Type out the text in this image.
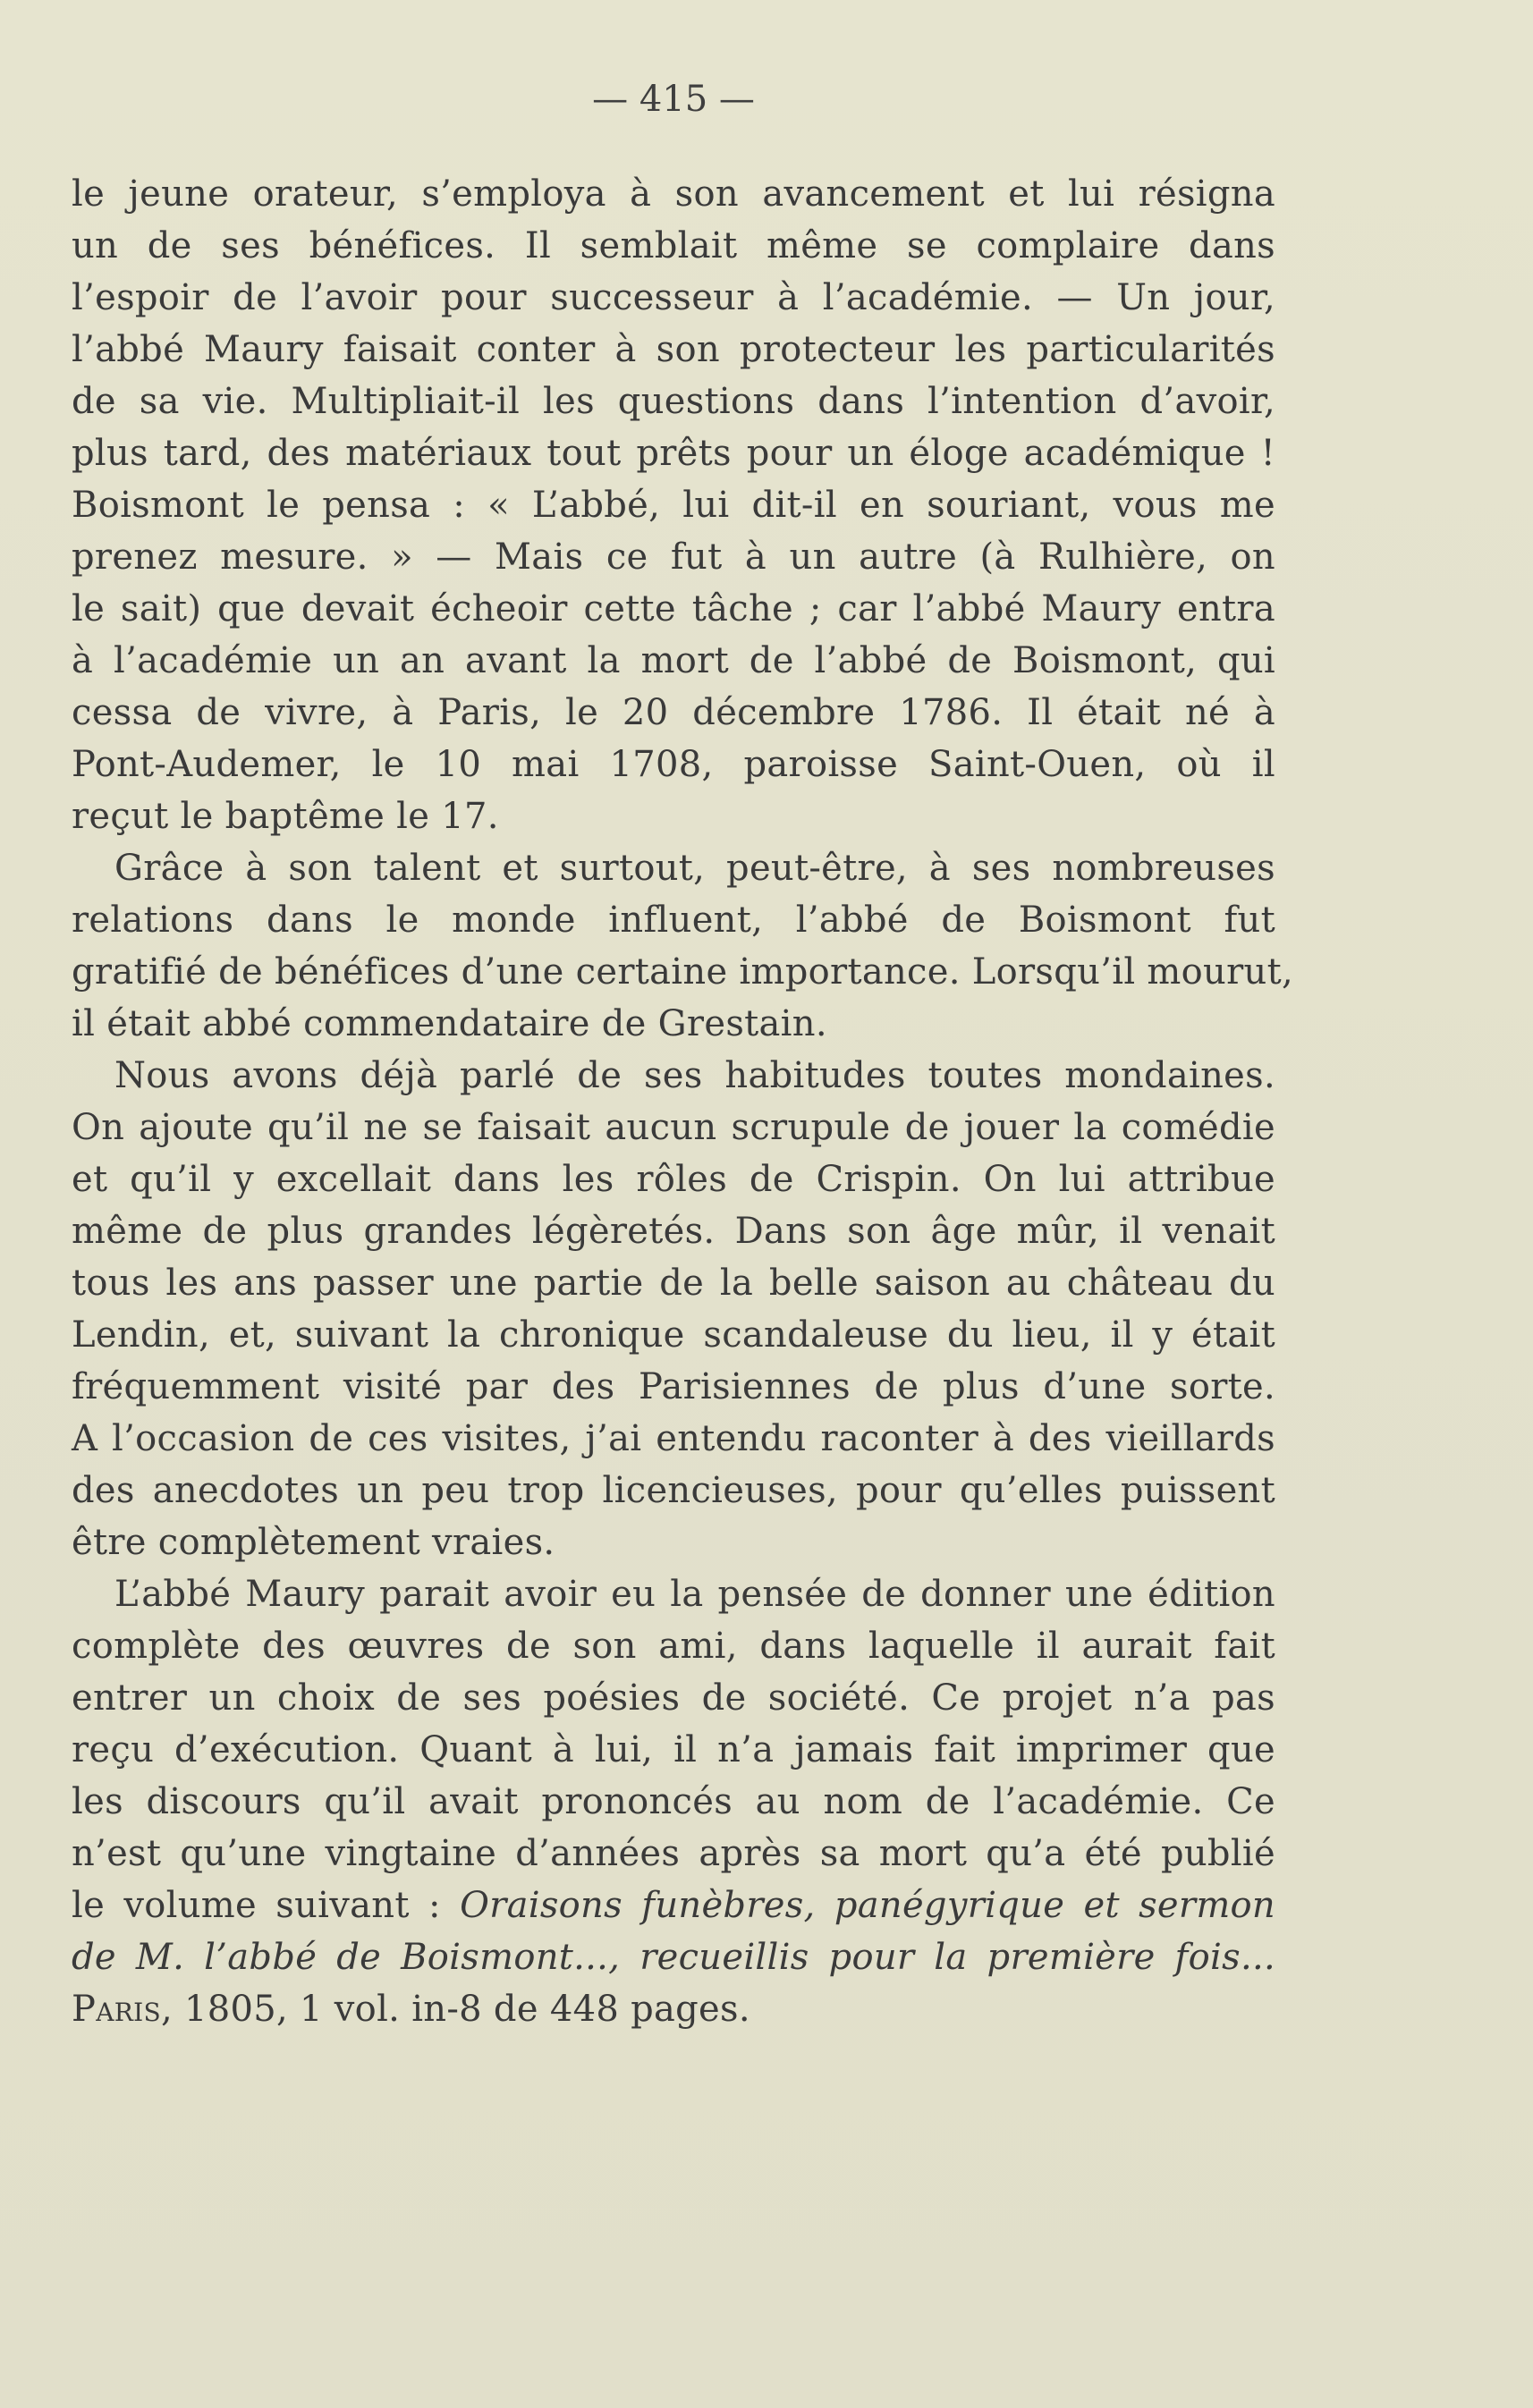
— 415 —

le jeune orateur, s’employa à son avancement et lui résigna
un de ses bénéfices. Il semblait même se complaire dans
l’espoir de l’avoir pour successeur à l’académie. — Un jour,
l’abbé Maury faisait conter à son protecteur les particularités
de sa vie. Multipliait-il les questions dans l’intention d’avoir,
plus tard, des matériaux tout prêts pour un éloge académique !
Boismont le pensa : « L’abbé, lui dit-il en souriant, vous me
prenez mesure. » — Mais ce fut à un autre (à Rulhière, on
le sait) que devait écheoir cette tâche ; car l’abbé Maury entra
à l’académie un an avant la mort de l’abbé de Boismont, qui
cessa de vivre, à Paris, le 20 décembre 1786. Il était né à
Pont-Audemer, le 10 mai 1708, paroisse Saint-Ouen, où il
reçut le baptême le 17.

Grâce à son talent et surtout, peut-être, à ses nombreuses
relations dans le monde influent, l’abbé de Boismont fut
gratifié de bénéfices d’une certaine importance. Lorsqu’il mourut,
il était abbé commendataire de Grestain.

Nous avons déjà parlé de ses habitudes toutes mondaines.
On ajoute qu’il ne se faisait aucun scrupule de jouer la comédie
et qu’il y excellait dans les rôles de Crispin. On lui attribue
même de plus grandes légèretés. Dans son âge mûr, il venait
tous les ans passer une partie de la belle saison au château du
Lendin, et, suivant la chronique scandaleuse du lieu, il y était
fréquemment visité par des Parisiennes de plus d’une sorte.
A l’occasion de ces visites, j’ai entendu raconter à des vieillards
des anecdotes un peu trop licencieuses, pour qu’elles puissent
être complètement vraies.

L’abbé Maury parait avoir eu la pensée de donner une édition
complète des œuvres de son ami, dans laquelle il aurait fait
entrer un choix de ses poésies de société. Ce projet n’a pas
reçu d’exécution. Quant à lui, il n’a jamais fait imprimer que
les discours qu’il avait prononcés au nom de l’académie. Ce
n’est qu’une vingtaine d’années après sa mort qu’a été publié
le volume suivant : Oraisons funèbres, panégyrique et sermon
de M. l’abbé de Boismont..., recueillis pour la première fois...
Paris, 1805, 1 vol. in-8 de 448 pages.
